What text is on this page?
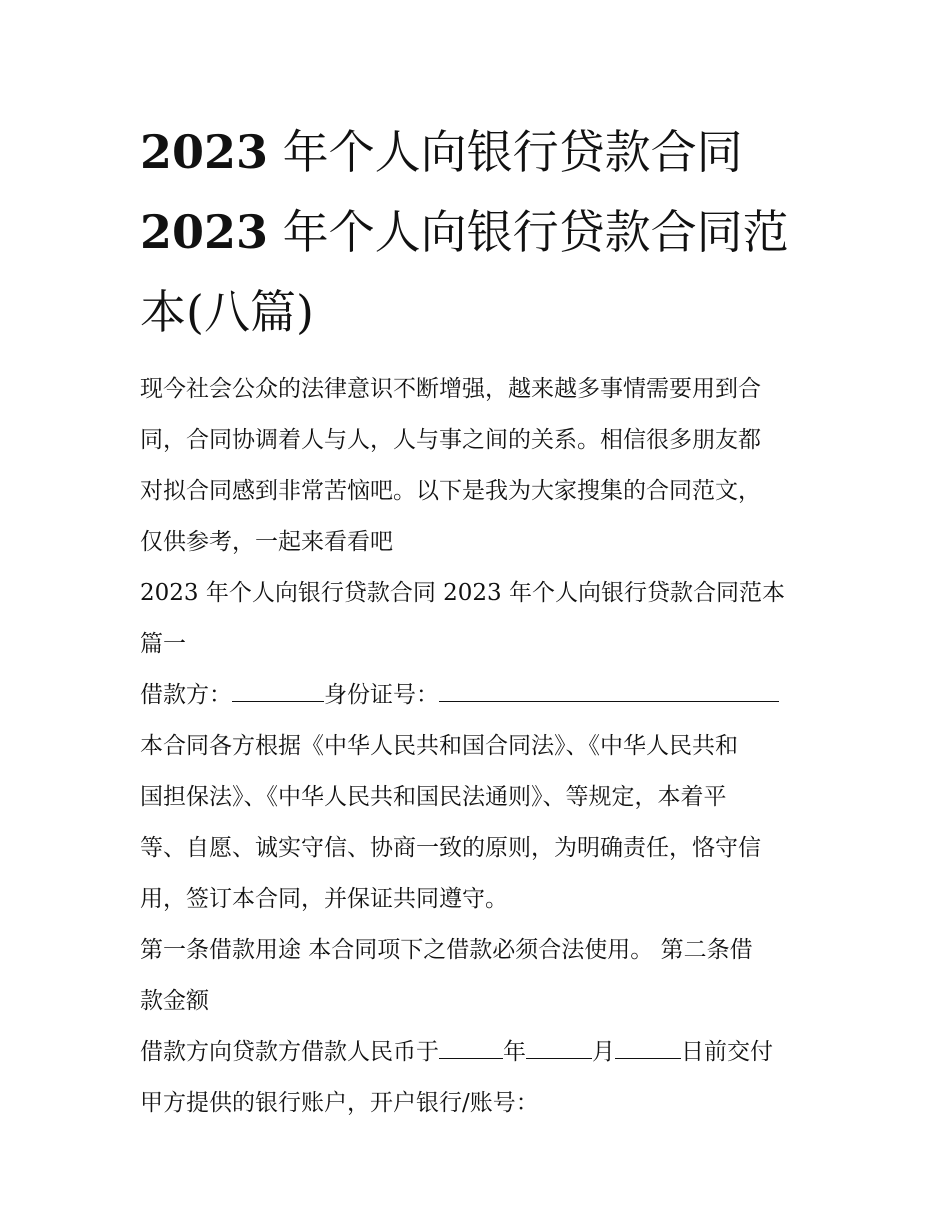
2023 年个人向银行贷款合同
2023 年个人向银行贷款合同范
本(八篇)

现今社会公众的法律意识不断增强，越来越多事情需要用到合
同，合同协调着人与人，人与事之间的关系。相信很多朋友都
对拟合同感到非常苦恼吧。以下是我为大家搜集的合同范文，
仅供参考，一起来看看吧

2023 年个人向银行贷款合同 2023 年个人向银行贷款合同范本
篇一

借款方：	身份证号：

本合同各方根据《中华人民共和国合同法》、《中华人民共和
国担保法》、《中华人民共和国民法通则》、等规定，本着平
等、自愿、诚实守信、协商一致的原则，为明确责任，恪守信
用，签订本合同，并保证共同遵守。

第一条借款用途 本合同项下之借款必须合法使用。 第二条借
款金额

借款方向贷款方借款人民币于	年	月	日前交付
甲方提供的银行账户，开户银行/账号：
